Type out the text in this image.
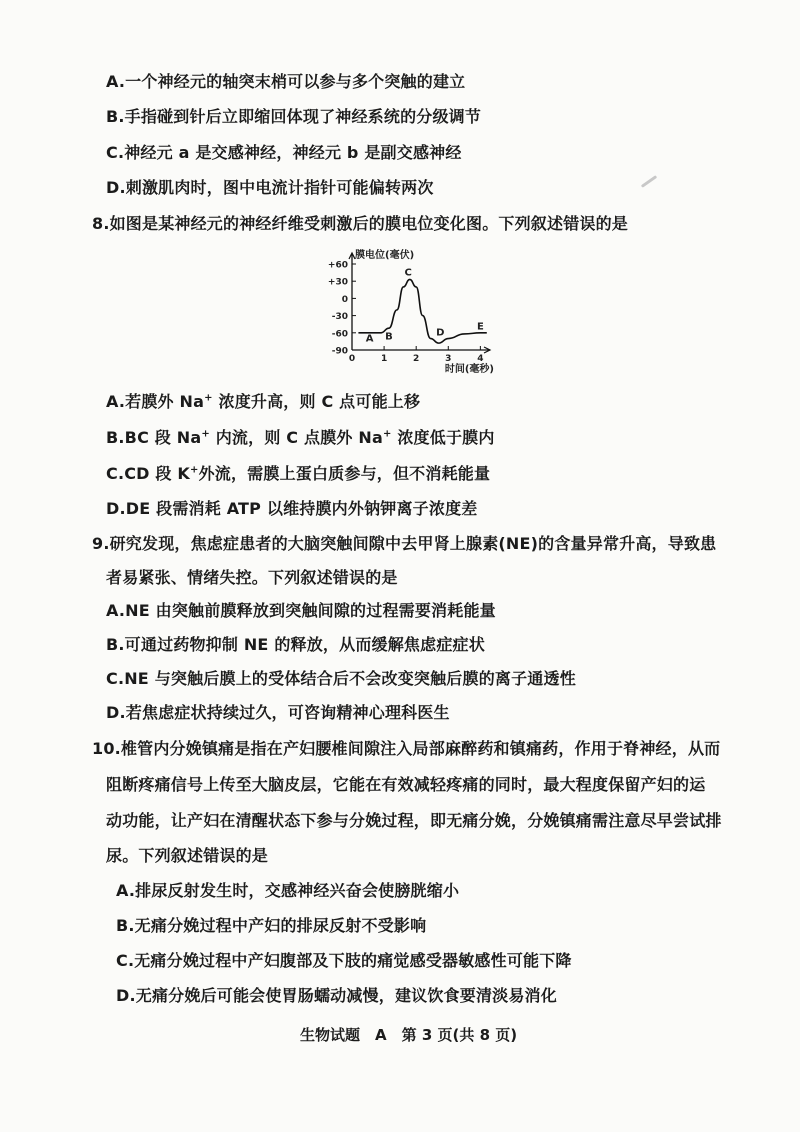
A.一个神经元的轴突末梢可以参与多个突触的建立
B.手指碰到针后立即缩回体现了神经系统的分级调节
C.神经元 a 是交感神经，神经元 b 是副交感神经
D.刺激肌肉时，图中电流计指针可能偏转两次
8.如图是某神经元的神经纤维受刺激后的膜电位变化图。下列叙述错误的是
+60
+30
0
-30
-60
-90
0	1	2	3	4
A B
C
D
E
膜电位(毫伏)
时间(毫秒)
A.若膜外 Na+ 浓度升高，则 C 点可能上移
B.BC 段 Na+ 内流，则 C 点膜外 Na+ 浓度低于膜内
C.CD 段 K+外流，需膜上蛋白质参与，但不消耗能量
D.DE 段需消耗 ATP 以维持膜内外钠钾离子浓度差
9.研究发现，焦虑症患者的大脑突触间隙中去甲肾上腺素(NE)的含量异常升高，导致患
者易紧张、情绪失控。下列叙述错误的是
A.NE 由突触前膜释放到突触间隙的过程需要消耗能量
B.可通过药物抑制 NE 的释放，从而缓解焦虑症症状
C.NE 与突触后膜上的受体结合后不会改变突触后膜的离子通透性
D.若焦虑症状持续过久，可咨询精神心理科医生
10.椎管内分娩镇痛是指在产妇腰椎间隙注入局部麻醉药和镇痛药，作用于脊神经，从而
阻断疼痛信号上传至大脑皮层，它能在有效减轻疼痛的同时，最大程度保留产妇的运
动功能，让产妇在清醒状态下参与分娩过程，即无痛分娩，分娩镇痛需注意尽早尝试排
尿。下列叙述错误的是
A.排尿反射发生时，交感神经兴奋会使膀胱缩小
B.无痛分娩过程中产妇的排尿反射不受影响
C.无痛分娩过程中产妇腹部及下肢的痛觉感受器敏感性可能下降
D.无痛分娩后可能会使胃肠蠕动减慢，建议饮食要清淡易消化
生物试题　A　第 3 页(共 8 页)
